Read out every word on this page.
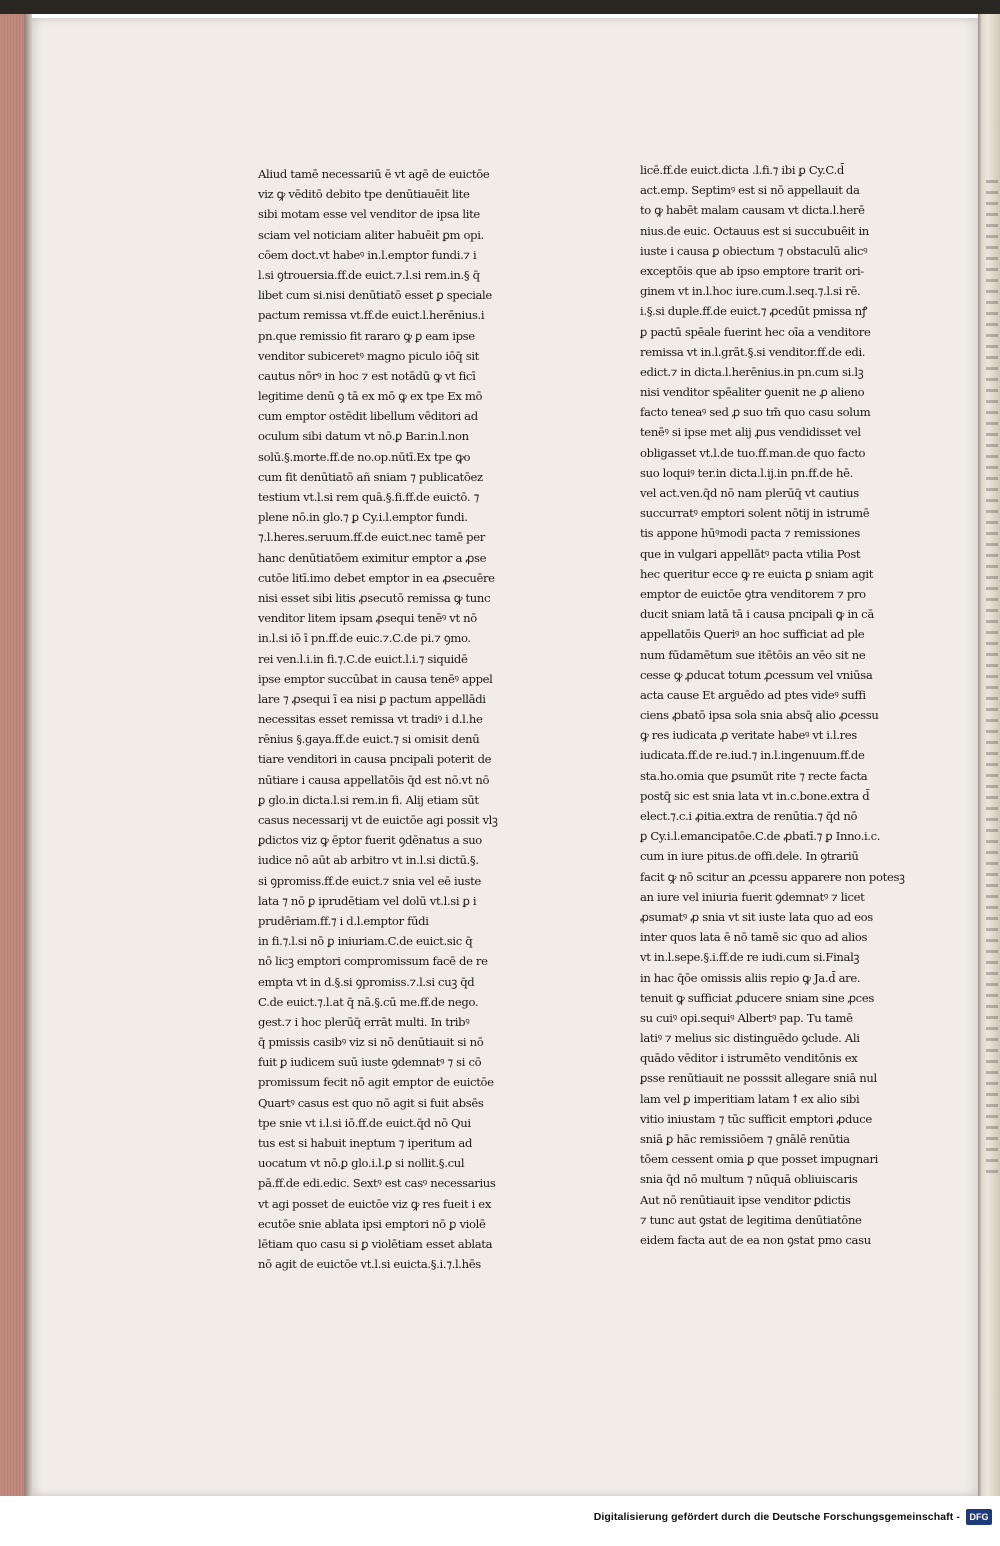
Aliud tamē necessariū ē vt agē de euictōe
viz ꝙ vēditō debito tpe denūtiauēit lite
sibi motam esse vel venditor de ipsa lite
sciam vel noticiam aliter habuēit ꝑm opi.
cōem doct.vt habeꝰ in.l.emptor fundi.⁊ i
l.si ꝯtrouersia.ff.de euict.⁊.l.si rem.in.§ q̄
libet cum si.nisi denūtiatō esset ꝑ speciale
pactum remissa vt.ff.de euict.l.herēnius.i
pn.que remissio fit rararo ꝙ ꝑ eam ipse
venditor subiceretꝰ magno piculo iōq̄ sit
cautus nōrꝰ in hoc ⁊ est notādū ꝙ vt ficī
legitime denū ꝯ tā ex mō ꝙ ex tpe Ex mō
cum emptor ostēdit libellum vēditori ad
oculum sibi datum vt nō.ꝑ Bar.in.l.non
solū.§.morte.ff.de no.op.nūtī.Ex tpe ꝙo
cum fit denūtiatō añ sniam ⁊ publicatōez
testium vt.l.si rem quā.§.fi.ff.de euictō. ⁊
plene nō.in glo.⁊ ꝑ Cy.i.l.emptor fundi.
⁊.l.heres.seruum.ff.de euict.nec tamē per
hanc denūtiatōem eximitur emptor a ꝓse
cutōe litī.imo debet emptor in ea ꝓsecuēre
nisi esset sibi litis ꝓsecutō remissa ꝙ tunc
venditor litem ipsam ꝓsequi tenēꝰ vt nō
in.l.si iō ī pn.ff.de euic.⁊.C.de pi.⁊ ꝯmo.
rei ven.l.i.in fi.⁊.C.de euict.l.i.⁊ siquidē
ipse emptor succūbat in causa tenēꝰ appel
lare ⁊ ꝓsequi ī ea nisi ꝑ pactum appellādi
necessitas esset remissa vt tradiꝰ i d.l.he
rēnius §.gaya.ff.de euict.⁊ si omisit denū
tiare venditori in causa pncipali poterit de
nūtiare i causa appellatōis q̄d est nō.vt nō
ꝑ glo.in dicta.l.si rem.in fi. Alij etiam sūt
casus necessarij vt de euictōe agi possit vlꝫ
ꝑdictos viz ꝙ ēptor fuerit ꝯdēnatus a suo
iudice nō aūt ab arbitro vt in.l.si dictū.§.
si ꝯpromiss.ff.de euict.⁊ snia vel eē iuste
lata ⁊ nō ꝑ iprudētiam vel dolū vt.l.si ꝑ i
prudēriam.ff.⁊ i d.l.emptor fūdi
in fi.⁊.l.si nō ꝑ iniuriam.C.de euict.sic q̄
nō licꝫ emptori compromissum facē de re
empta vt in d.§.si ꝯpromiss.⁊.l.si cuꝫ q̄d
C.de euict.⁊.l.at q̄ nā.§.cū me.ff.de nego.
gest.⁊ i hoc plerūq̄ errāt multi. In tribꝰ
q̄ pmissis casibꝰ viz si nō denūtiauit si nō
fuit ꝑ iudicem suū iuste ꝯdemnatꝰ ⁊ si cō
promissum fecit nō agit emptor de euictōe
Quartꝰ casus est quo nō agit si fuit absēs
tpe snie vt i.l.si iō.ff.de euict.q̄d nō Qui
tus est si habuit ineptum ⁊ iperitum ad
uocatum vt nō.ꝑ glo.i.l.ꝑ si nollit.§.cul
pā.ff.de edi.edic. Sextꝰ est casꝰ necessarius
vt agi posset de euictōe viz ꝙ res fueit i ex
ecutōe snie ablata ipsi emptori nō ꝑ violē
lētiam quo casu si ꝑ violētiam esset ablata
nō agit de euictōe vt.l.si euicta.§.i.⁊.l.hēs
licē.ff.de euict.dicta .l.fi.⁊ ibi ꝑ Cy.C.d̄
act.emp. Septimꝰ est si nō appellauit da
to ꝙ habēt malam causam vt dicta.l.herē
nius.de euic. Octauus est si succubuēit in
iuste i causa ꝑ obiectum ⁊ obstaculū alicꝰ
exceptōis que ab ipso emptore trarit ori-
ginem vt in.l.hoc iure.cum.l.seq.⁊.l.si rē.
i.§.si duple.ff.de euict.⁊ ꝓcedūt pmissa nꝭ
ꝑ pactū spēale fuerint hec oīa a venditore
remissa vt in.l.grāt.§.si venditor.ff.de edi.
edict.⁊ in dicta.l.herēnius.in pn.cum si.lꝫ
nisi venditor spēaliter ꝯuenit ne ꝓ alieno
facto teneaꝰ sed ꝓ suo tm̄ quo casu solum
tenēꝰ si ipse met alij ꝓus vendidisset vel
obligasset vt.l.de tuo.ff.man.de quo facto
suo loquiꝰ ter.in dicta.l.ij.in pn.ff.de hē.
vel act.ven.q̄d nō nam plerūq̄ vt cautius
succurratꝰ emptori solent nōtij in istrumē
tis appone hūꝰmodi pacta ⁊ remissiones
que in vulgari appellātꝰ pacta vtilia Post
hec queritur ecce ꝙ re euicta ꝑ sniam agit
emptor de euictōe ꝯtra venditorem ⁊ pro
ducit sniam latā tā i causa pncipali ꝙ in cā
appellatōis Queriꝰ an hoc sufficiat ad ple
num fūdamētum sue itētōis an vēo sit ne
cesse ꝙ ꝓducat totum ꝓcessum vel vniūsa
acta cause Et arguēdo ad ptes videꝰ suffi
ciens ꝓbatō ipsa sola snia absq̄ alio ꝓcessu
ꝙ res iudicata ꝓ veritate habeꝰ vt i.l.res
iudicata.ff.de re.iud.⁊ in.l.ingenuum.ff.de
sta.ho.omia que ꝑsumūt rite ⁊ recte facta
postq̄ sic est snia lata vt in.c.bone.extra d̄
elect.⁊.c.i ꝓitia.extra de renūtia.⁊ q̄d nō
ꝑ Cy.i.l.emancipatōe.C.de ꝓbatī.⁊ ꝑ Inno.i.c.
cum in iure pitus.de offi.dele. In ꝯtrariū
facit ꝙ nō scitur an ꝓcessu apparere non potesꝫ
an iure vel iniuria fuerit ꝯdemnatꝰ ⁊ licet
ꝓsumatꝰ ꝓ snia vt sit iuste lata quo ad eos
inter quos lata ē nō tamē sic quo ad alios
vt in.l.sepe.§.i.ff.de re iudi.cum si.Finalꝫ
in hac q̄ōe omissis aliis repio ꝙ Ja.d̄ are.
tenuit ꝙ sufficiat ꝓducere sniam sine ꝓces
su cuiꝰ opi.sequiꝰ Albertꝰ pap. Tu tamē
latiꝰ ⁊ melius sic distinguēdo ꝯclude. Ali
quādo vēditor i istrumēto venditōnis ex
ꝑsse renūtiauit ne posssit allegare sniā nul
lam vel ꝑ imperitiam latam ꝉ ex alio sibi
vitio iniustam ⁊ tūc sufficit emptori ꝓduce
sniā ꝑ hāc remissiōem ⁊ gnālē renūtia
tōem cessent omia ꝑ que posset impugnari
snia q̄d nō multum ⁊ nūquā obliuiscaris
Aut nō renūtiauit ipse venditor ꝑdictis
⁊ tunc aut ꝯstat de legitima denūtiatōne
eidem facta aut de ea non ꝯstat pmo casu
Digitalisierung gefördert durch die Deutsche Forschungsgemeinschaft -	DFG
